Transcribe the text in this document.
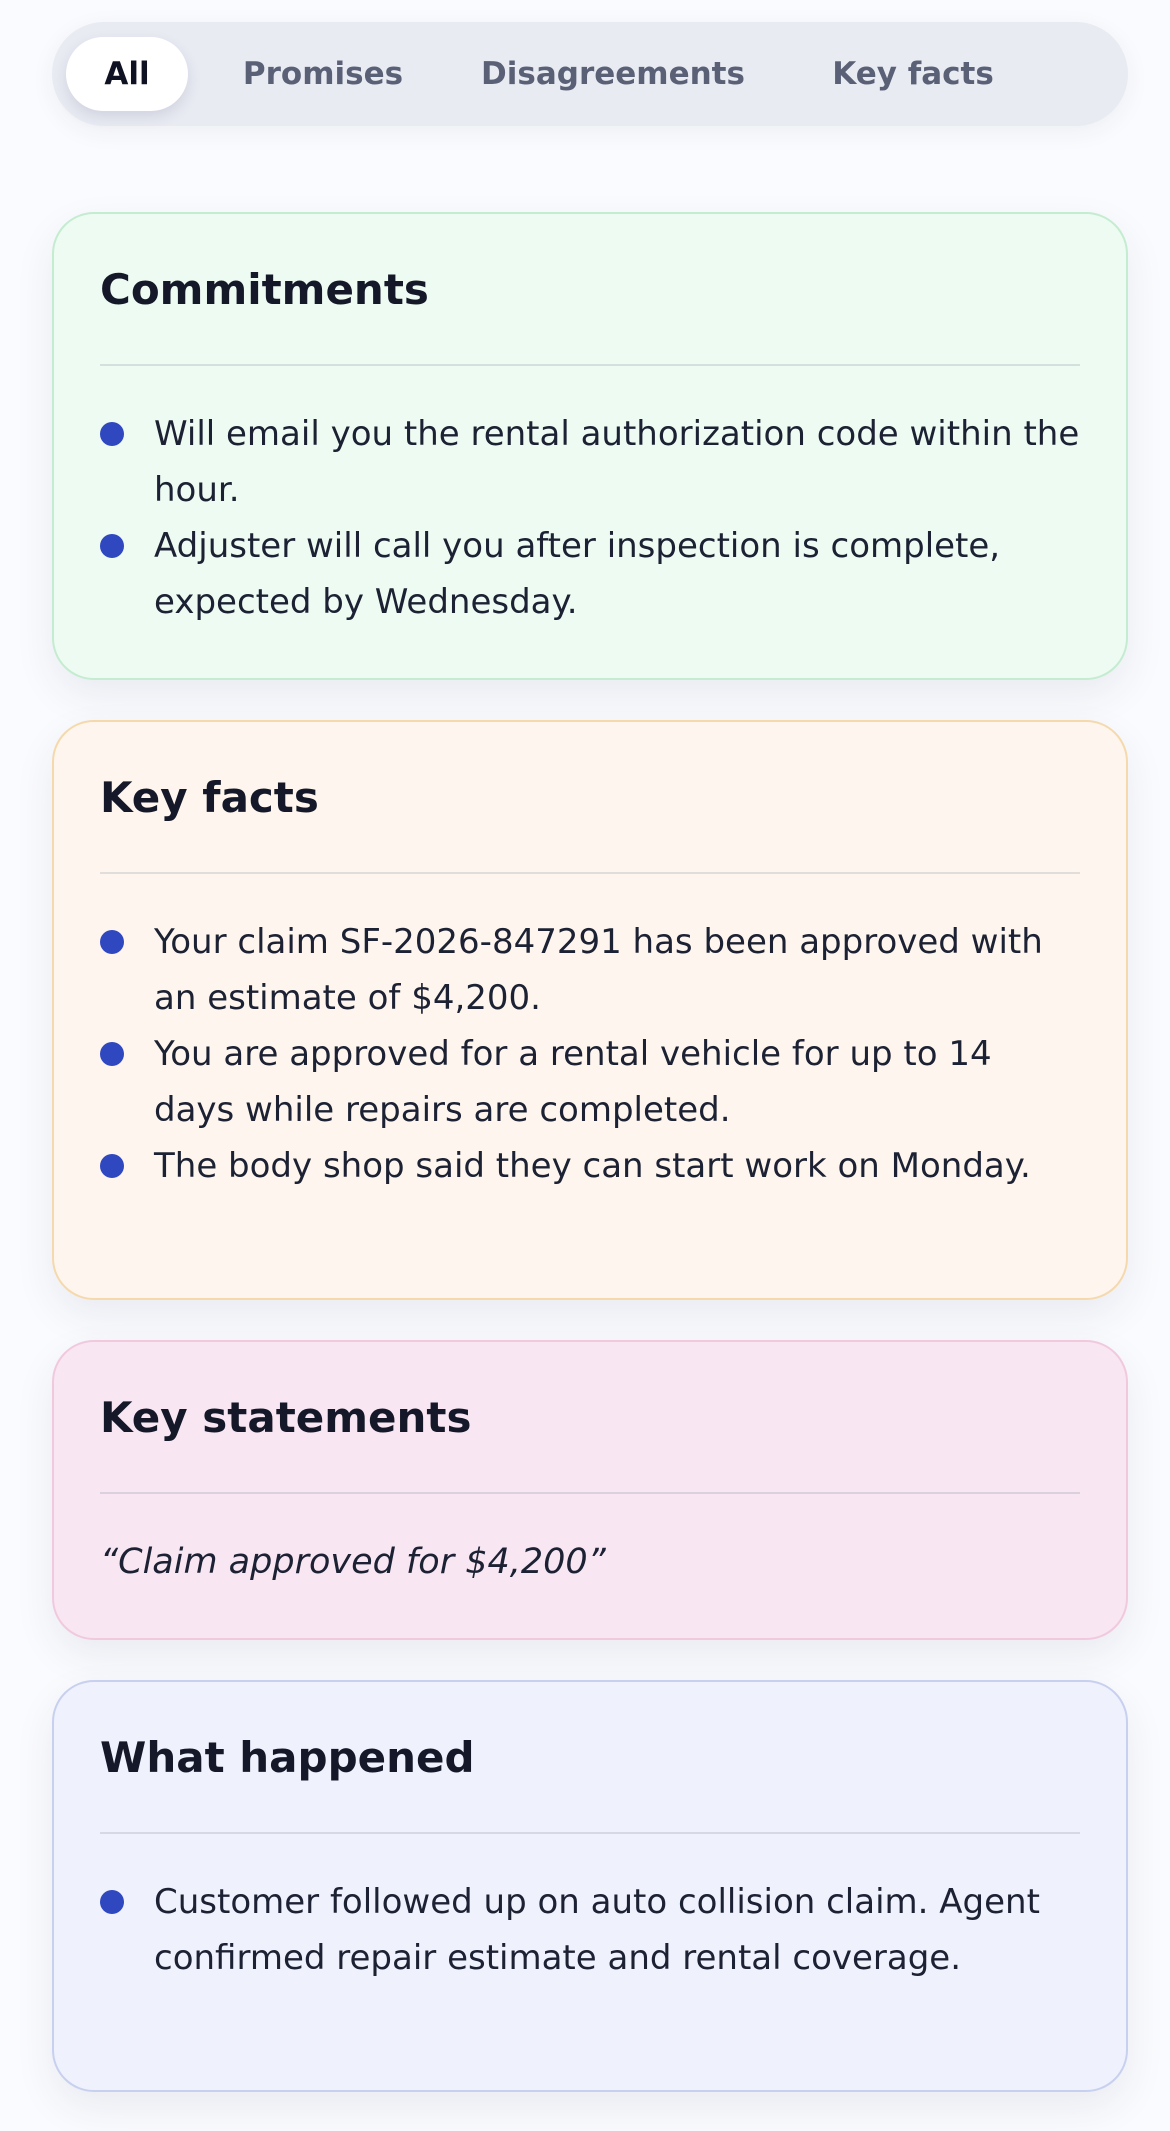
All	Promises	Disagreements	Key facts
Commitments
Will email you the rental authorization code within the hour.
Adjuster will call you after inspection is complete, expected by Wednesday.
Key facts
Your claim SF-2026-847291 has been approved with an estimate of $4,200.
You are approved for a rental vehicle for up to 14 days while repairs are completed.
The body shop said they can start work on Monday.
Key statements
“Claim approved for $4,200”
What happened
Customer followed up on auto collision claim. Agent confirmed repair estimate and rental coverage.
